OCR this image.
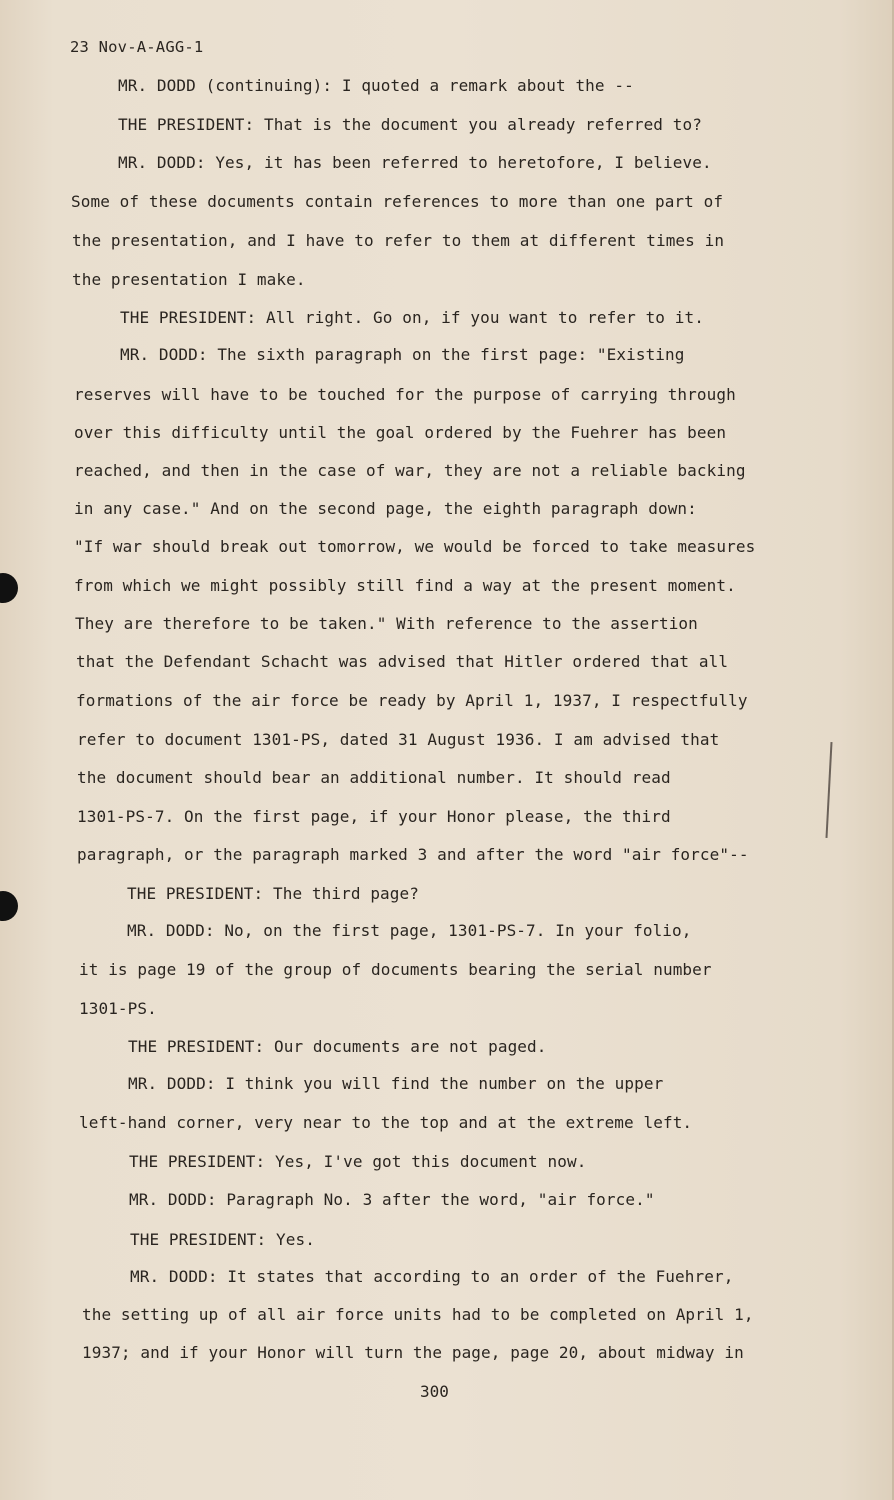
23 Nov-A-AGG-1
MR. DODD (continuing): I quoted a remark about the --
THE PRESIDENT: That is the document you already referred to?
MR. DODD: Yes, it has been referred to heretofore, I believe.
Some of these documents contain references to more than one part of
the presentation, and I have to refer to them at different times in
the presentation I make.
THE PRESIDENT: All right. Go on, if you want to refer to it.
MR. DODD: The sixth paragraph on the first page: "Existing
reserves will have to be touched for the purpose of carrying through
over this difficulty until the goal ordered by the Fuehrer has been
reached, and then in the case of war, they are not a reliable backing
in any case." And on the second page, the eighth paragraph down:
"If war should break out tomorrow, we would be forced to take measures
from which we might possibly still find a way at the present moment.
They are therefore to be taken." With reference to the assertion
that the Defendant Schacht was advised that Hitler ordered that all
formations of the air force be ready by April 1, 1937, I respectfully
refer to document 1301-PS, dated 31 August 1936. I am advised that
the document should bear an additional number. It should read
1301-PS-7. On the first page, if your Honor please, the third
paragraph, or the paragraph marked 3 and after the word "air force"--
THE PRESIDENT: The third page?
MR. DODD: No, on the first page, 1301-PS-7. In your folio,
it is page 19 of the group of documents bearing the serial number
1301-PS.
THE PRESIDENT: Our documents are not paged.
MR. DODD: I think you will find the number on the upper
left-hand corner, very near to the top and at the extreme left.
THE PRESIDENT: Yes, I've got this document now.
MR. DODD: Paragraph No. 3 after the word, "air force."
THE PRESIDENT: Yes.
MR. DODD: It states that according to an order of the Fuehrer,
the setting up of all air force units had to be completed on April 1,
1937; and if your Honor will turn the page, page 20, about midway in
300
